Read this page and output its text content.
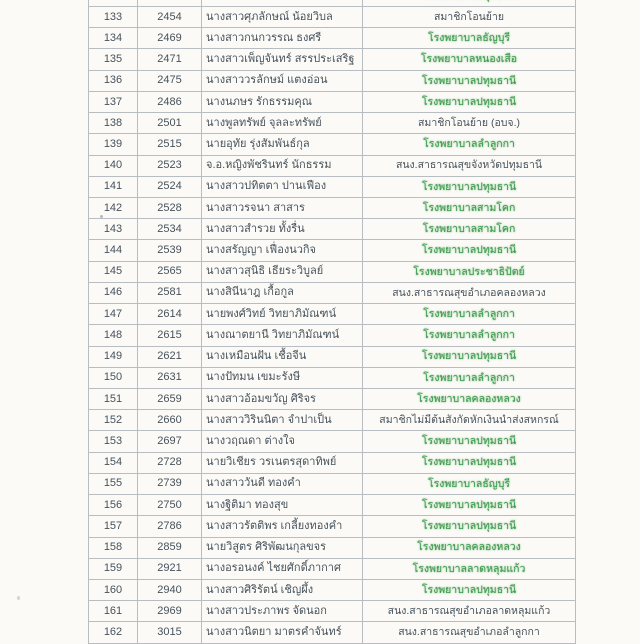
133	2454	นางสาวศุภลักษณ์ น้อยวิบล	สมาชิกโอนย้าย
134	2469	นางสาวกนกวรรณ ธงศรี	โรงพยาบาลธัญบุรี
135	2471	นางสาวเพ็ญจันทร์ สรรประเสริฐ	โรงพยาบาลหนองเสือ
136	2475	นางสาววรลักษม์ แตงอ่อน	โรงพยาบาลปทุมธานี
137	2486	นางนภษร รักธรรมคุณ	โรงพยาบาลปทุมธานี
138	2501	นางพูลทรัพย์ จุลละทรัพย์	สมาชิกโอนย้าย (อบจ.)
139	2515	นายอุทัย รุ่งสัมพันธ์กุล	โรงพยาบาลลำลูกกา
140	2523	จ.อ.หญิงพัชรินทร์ นักธรรม	สนง.สาธารณสุขจังหวัดปทุมธานี
141	2524	นางสาวปทิตตา ปานเฟือง	โรงพยาบาลปทุมธานี
142	2528	นางสาวรจนา สาสาร	โรงพยาบาลสามโคก
143	2534	นางสาวสำรวย ทั้งรื่น	โรงพยาบาลสามโคก
144	2539	นางสรัญญา เฟื่องนวกิจ	โรงพยาบาลปทุมธานี
145	2565	นางสาวสุนิธิ เธียระวิบูลย์	โรงพยาบาลประชาธิปัตย์
146	2581	นางสินีนาฎ เกื้อกูล	สนง.สาธารณสุขอำเภอคลองหลวง
147	2614	นายพงศ์วิทย์ วิทยาภิมัณฑน์	โรงพยาบาลลำลูกกา
148	2615	นางณาตยานี วิทยาภิมัณฑน์	โรงพยาบาลลำลูกกา
149	2621	นางเหมือนฝัน เชื้อจีน	โรงพยาบาลปทุมธานี
150	2631	นางปัทมน เขมะรังษี	โรงพยาบาลลำลูกกา
151	2659	นางสาวอ้อมขวัญ ศิริจร	โรงพยาบาลคลองหลวง
152	2660	นางสาววิรินนิตา จำปาเป็น	สมาชิกไม่มีต้นสังกัดหักเงินนำส่งสหกรณ์
153	2697	นางวฤณดา ต่างใจ	โรงพยาบาลปทุมธานี
154	2728	นายวิเชียร วรเนตรสุดาทิพย์	โรงพยาบาลปทุมธานี
155	2739	นางสาววันดี ทองคำ	โรงพยาบาลธัญบุรี
156	2750	นางฐิติมา ทองสุข	โรงพยาบาลปทุมธานี
157	2786	นางสาวรัตติพร เกลี้ยงทองคำ	โรงพยาบาลปทุมธานี
158	2859	นายวิสูตร ศิริพัฒนกุลขจร	โรงพยาบาลคลองหลวง
159	2921	นางอรอนงค์ ไชยศักดิ์ภากาศ	โรงพยาบาลลาดหลุมแก้ว
160	2940	นางสาวศิริรัตน์ เชิญผึ้ง	โรงพยาบาลปทุมธานี
161	2969	นางสาวประภาพร จัดนอก	สนง.สาธารณสุขอำเภอลาดหลุมแก้ว
162	3015	นางสาวนิตยา มาตรคำจันทร์	สนง.สาธารณสุขอำเภอลำลูกกา
